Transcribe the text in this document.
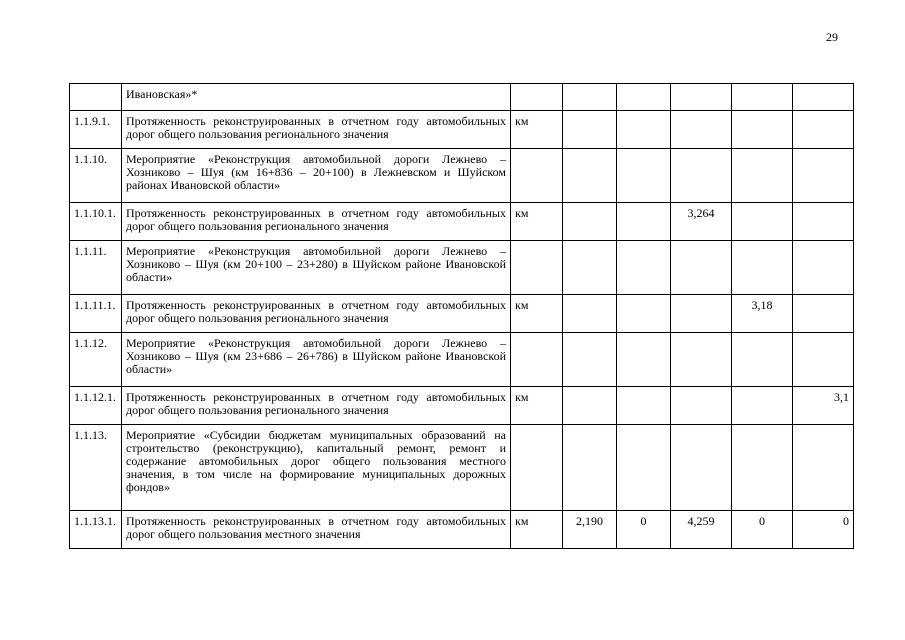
29
	Ивановская»*						
1.1.9.1.	Протяженность реконструированных в отчетном году автомобильных дорог общего пользования регионального значения	км					
1.1.10.	Мероприятие «Реконструкция автомобильной дороги Лежнево – Хозниково – Шуя (км 16+836 – 20+100) в Лежневском и Шуйском районах Ивановской области»						
1.1.10.1.	Протяженность реконструированных в отчетном году автомобильных дорог общего пользования регионального значения	км			3,264		
1.1.11.	Мероприятие «Реконструкция автомобильной дороги Лежнево – Хозниково – Шуя (км 20+100 – 23+280) в Шуйском районе Ивановской области»						
1.1.11.1.	Протяженность реконструированных в отчетном году автомобильных дорог общего пользования регионального значения	км				3,18	
1.1.12.	Мероприятие «Реконструкция автомобильной дороги Лежнево – Хозниково – Шуя (км 23+686 – 26+786) в Шуйском районе Ивановской области»						
1.1.12.1.	Протяженность реконструированных в отчетном году автомобильных дорог общего пользования регионального значения	км					3,1
1.1.13.	Мероприятие «Субсидии бюджетам муниципальных образований на строительство (реконструкцию), капитальный ремонт, ремонт и содержание автомобильных дорог общего пользования местного значения, в том числе на формирование муниципальных дорожных фондов»						
1.1.13.1.	Протяженность реконструированных в отчетном году автомобильных дорог общего пользования местного значения	км	2,190	0	4,259	0	0
